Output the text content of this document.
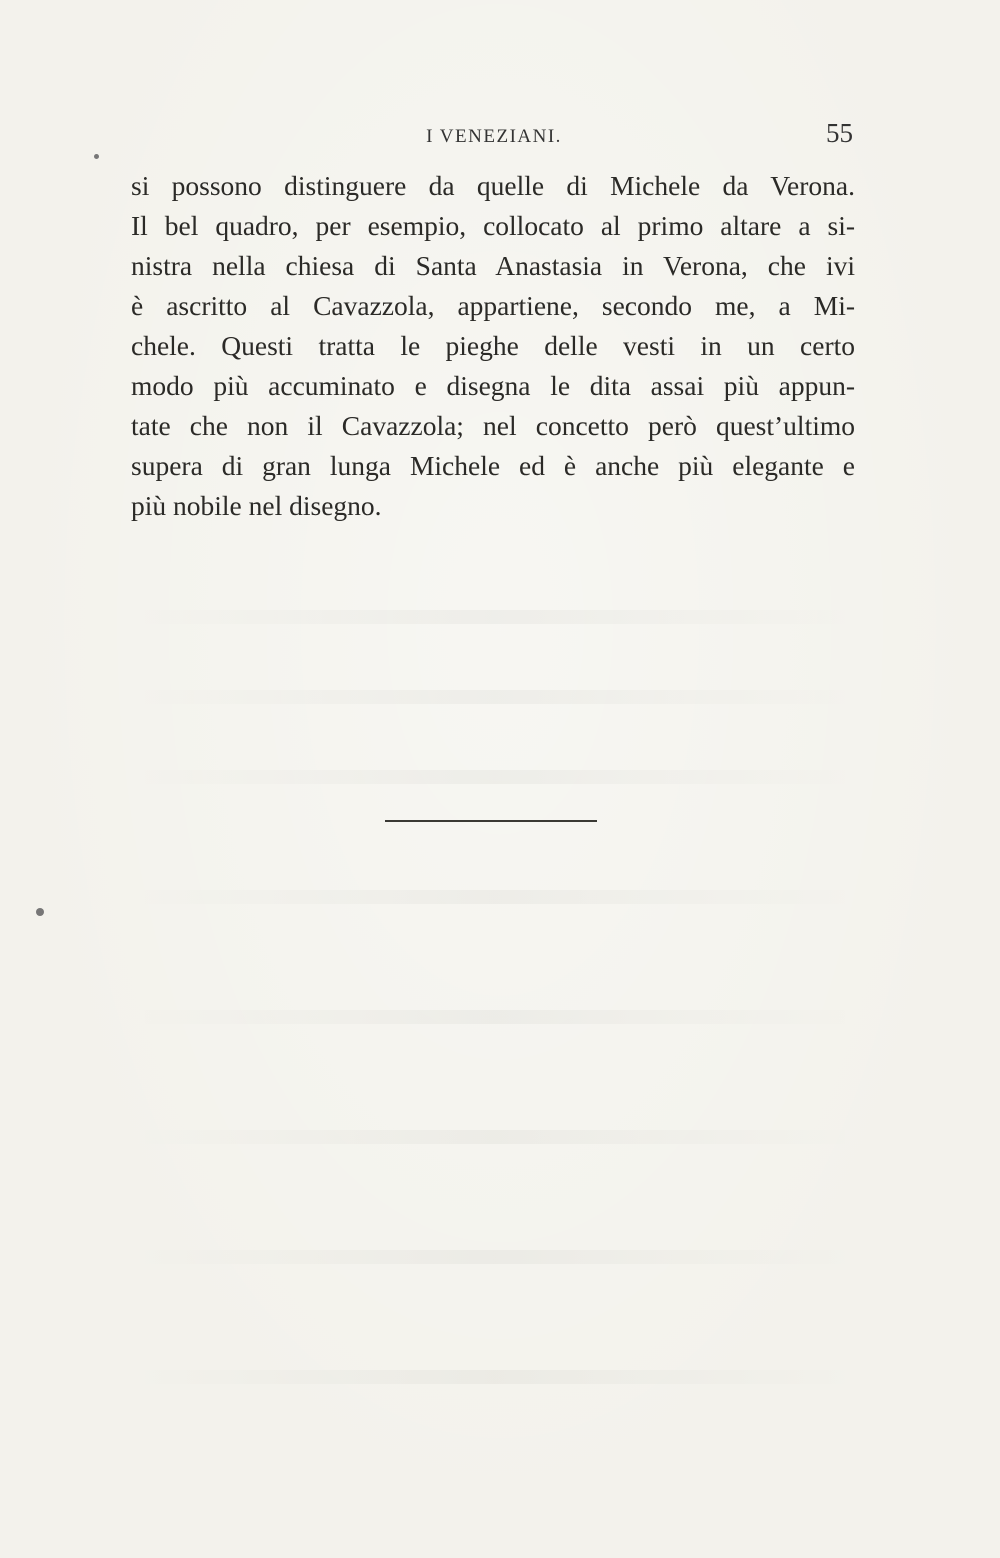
I VENEZIANI.	55
si possono distinguere da quelle di Michele da Verona.
Il bel quadro, per esempio, collocato al primo altare a si-
nistra nella chiesa di Santa Anastasia in Verona, che ivi
è ascritto al Cavazzola, appartiene, secondo me, a Mi-
chele. Questi tratta le pieghe delle vesti in un certo
modo più accuminato e disegna le dita assai più appun-
tate che non il Cavazzola; nel concetto però quest’ultimo
supera di gran lunga Michele ed è anche più elegante e
più nobile nel disegno.
